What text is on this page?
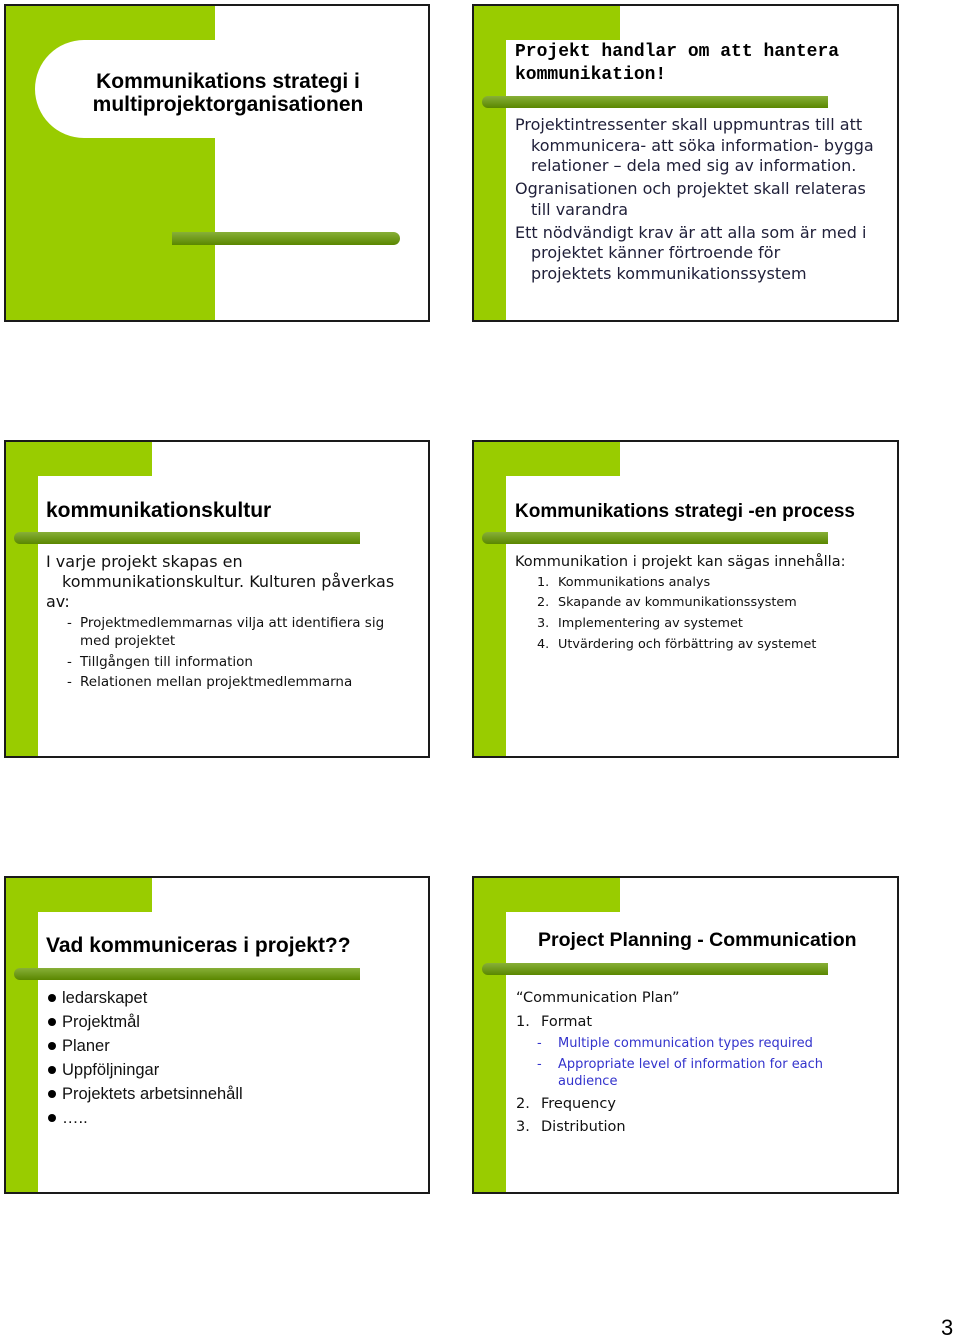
Kommunikations strategi i
multiprojektorganisationen
Projekt handlar om att hantera
kommunikation!
Projektintressenter skall uppmuntras till att
kommunicera- att söka information- bygga
relationer – dela med sig av information.
Ogranisationen och projektet skall relateras
till varandra
Ett nödvändigt krav är att alla som är med i
projektet känner förtroende för
projektets kommunikationssystem
kommunikationskultur
I varje projekt skapas en
kommunikationskultur. Kulturen påverkas
av:
- Projektmedlemmarnas vilja att identifiera sig
med projektet
- Tillgången till information
- Relationen mellan projektmedlemmarna
Kommunikations strategi -en process
Kommunikation i projekt kan sägas innehålla:
1. Kommunikations analys
2. Skapande av kommunikationssystem
3. Implementering av systemet
4. Utvärdering och förbättring av systemet
Vad kommuniceras i projekt??
ledarskapet
Projektmål
Planer
Uppföljningar
Projektets arbetsinnehåll
…..
Project Planning - Communication
“Communication Plan”
1. Format
-	Multiple communication types required
-	Appropriate level of information for each
audience
2. Frequency
3. Distribution
3
